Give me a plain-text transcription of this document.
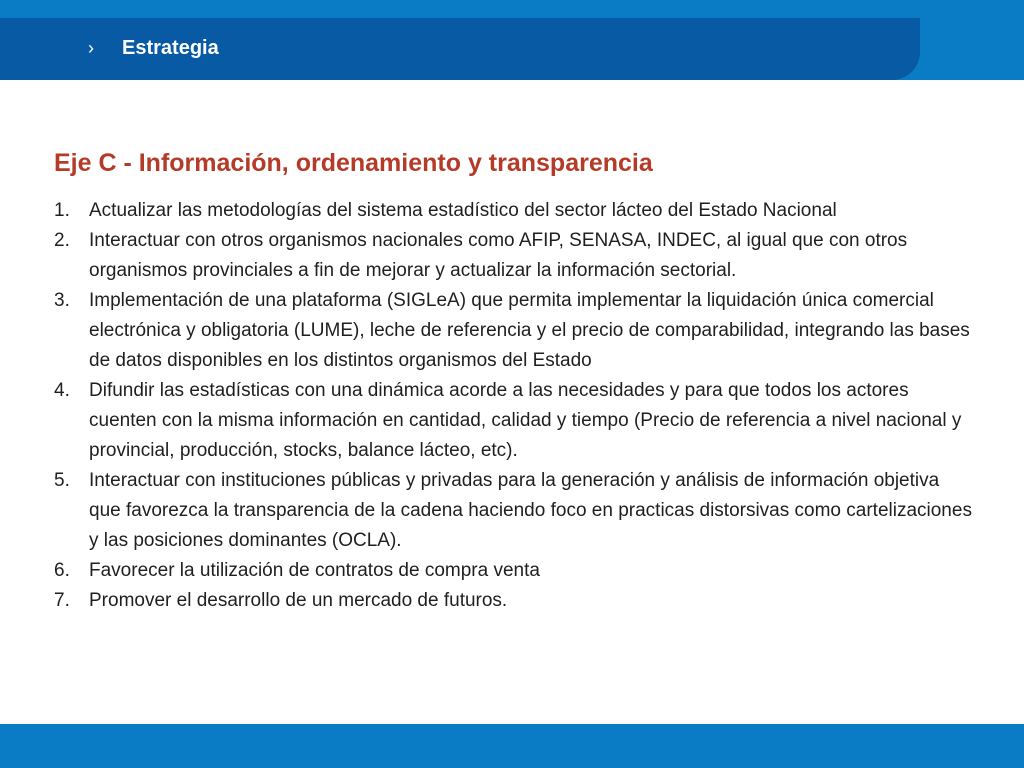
› Estrategia
Eje C - Información, ordenamiento y transparencia
1.	Actualizar las metodologías del sistema estadístico del sector lácteo del Estado Nacional
2.	Interactuar con otros organismos nacionales como AFIP, SENASA, INDEC, al igual que con otros organismos provinciales a fin de mejorar y actualizar la información sectorial.
3.	Implementación de una plataforma (SIGLeA) que permita implementar la liquidación única comercial electrónica y obligatoria (LUME), leche de referencia y el precio de comparabilidad, integrando las bases de datos disponibles en los distintos organismos del Estado
4.	Difundir las estadísticas con una dinámica acorde a las necesidades y para que todos los actores cuenten con la misma información en cantidad, calidad y tiempo (Precio de referencia a nivel nacional y provincial, producción, stocks, balance lácteo, etc).
5.	Interactuar con instituciones públicas y privadas para la generación y análisis de información objetiva que favorezca la transparencia de la cadena haciendo foco en practicas distorsivas como cartelizaciones y las posiciones dominantes (OCLA).
6.	Favorecer la utilización de contratos de compra venta
7.	Promover el desarrollo de un mercado de futuros.
